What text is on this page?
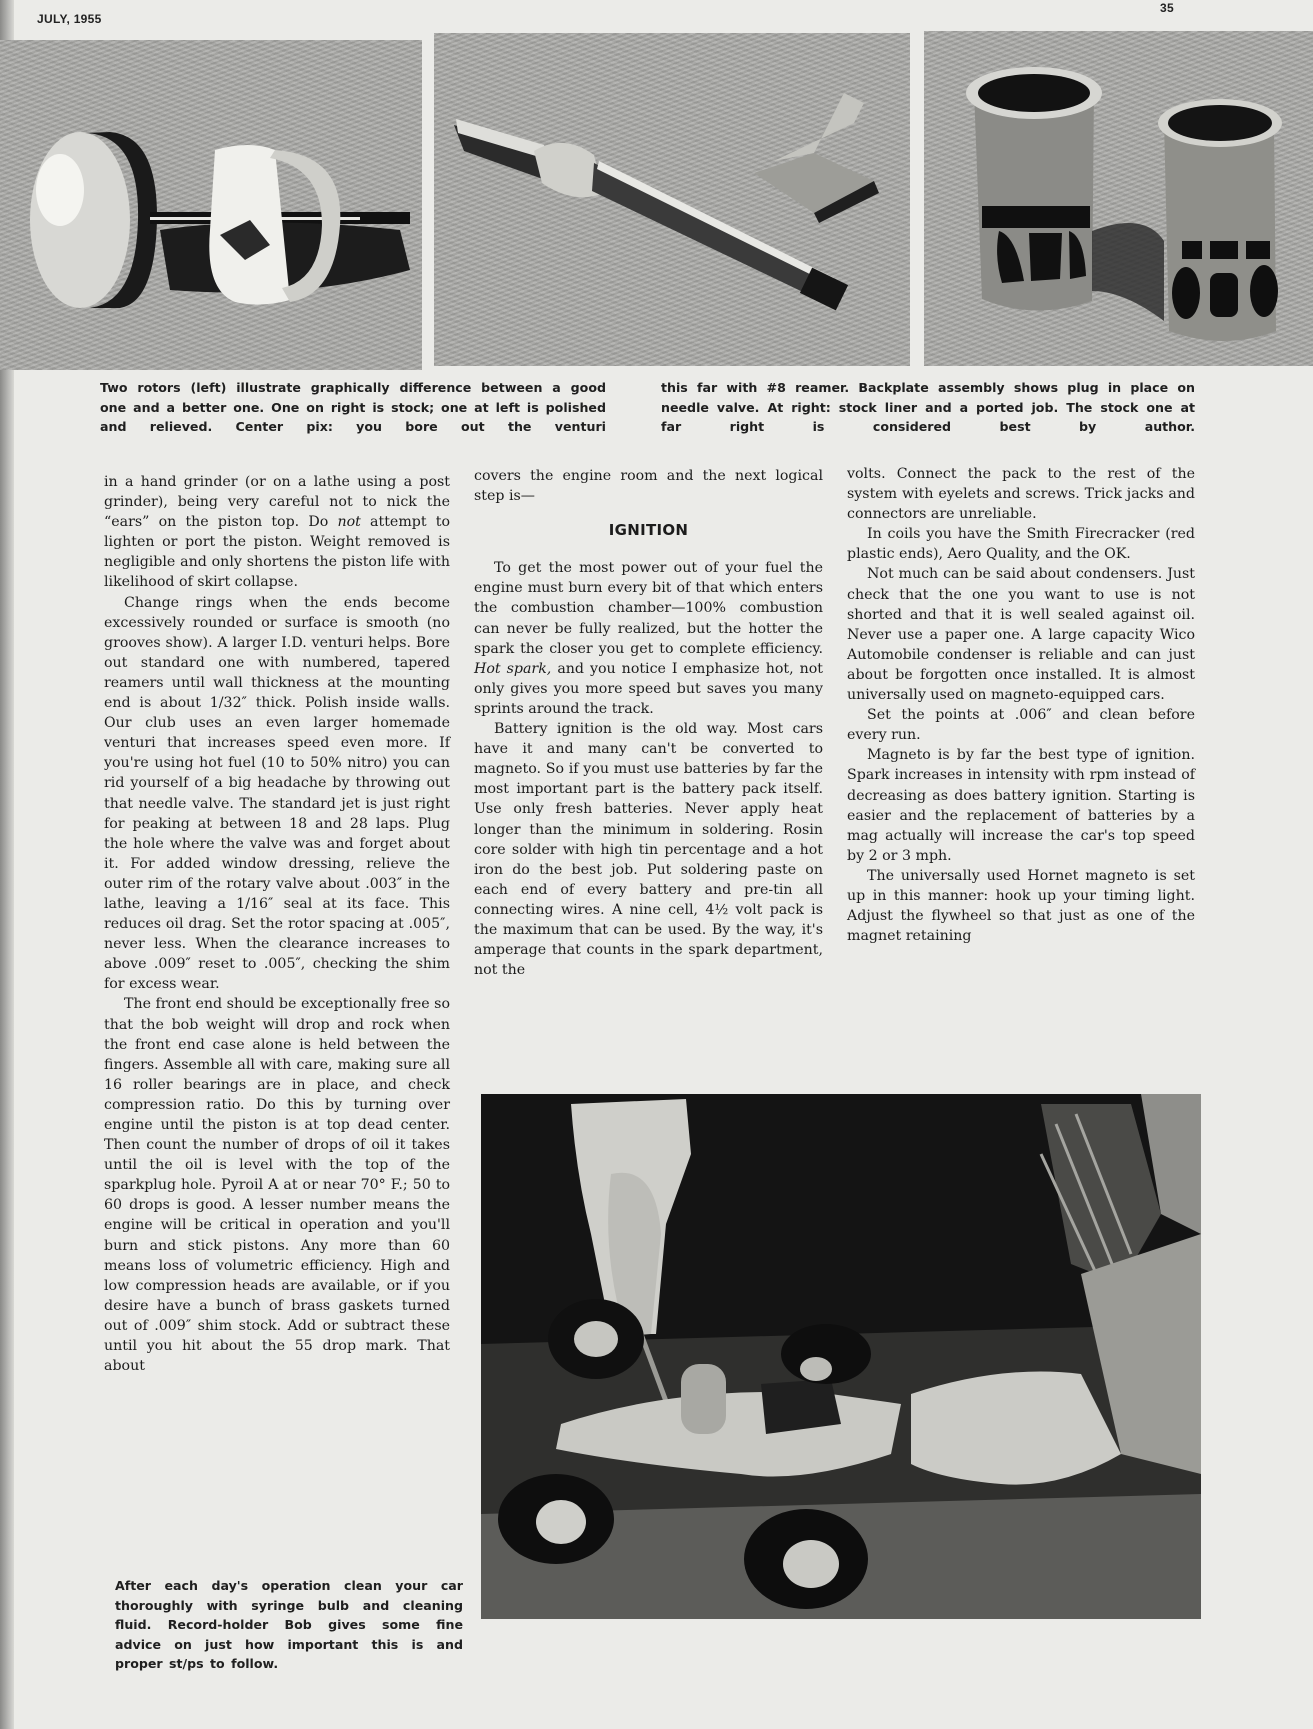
JULY, 1955
35
Two rotors (left) illustrate graphically difference between a good one and a better one. One on right is stock; one at left is polished and relieved. Center pix: you bore out the venturi
this far with #8 reamer. Backplate assembly shows plug in place on needle valve. At right: stock liner and a ported job. The stock one at far right is considered best by author.

in a hand grinder (or on a lathe using a post grinder), being very careful not to nick the “ears” on the piston top. Do not attempt to lighten or port the piston. Weight removed is negligible and only shortens the piston life with likelihood of skirt collapse.

Change rings when the ends become excessively rounded or surface is smooth (no grooves show). A larger I.D. venturi helps. Bore out standard one with numbered, tapered reamers until wall thickness at the mounting end is about 1/32″ thick. Polish inside walls. Our club uses an even larger homemade venturi that increases speed even more. If you're using hot fuel (10 to 50% nitro) you can rid yourself of a big headache by throwing out that needle valve. The standard jet is just right for peaking at between 18 and 28 laps. Plug the hole where the valve was and forget about it. For added window dressing, relieve the outer rim of the rotary valve about .003″ in the lathe, leaving a 1/16″ seal at its face. This reduces oil drag. Set the rotor spacing at .005″, never less. When the clearance increases to above .009″ reset to .005″, checking the shim for excess wear.

The front end should be exceptionally free so that the bob weight will drop and rock when the front end case alone is held between the fingers. Assemble all with care, making sure all 16 roller bearings are in place, and check compression ratio. Do this by turning over engine until the piston is at top dead center. Then count the number of drops of oil it takes until the oil is level with the top of the sparkplug hole. Pyroil A at or near 70° F.; 50 to 60 drops is good. A lesser number means the engine will be critical in operation and you'll burn and stick pistons. Any more than 60 means loss of volumetric efficiency. High and low compression heads are available, or if you desire have a bunch of brass gaskets turned out of .009″ shim stock. Add or subtract these until you hit about the 55 drop mark. That about

covers the engine room and the next logical step is—

IGNITION

To get the most power out of your fuel the engine must burn every bit of that which enters the combustion chamber—100% combustion can never be fully realized, but the hotter the spark the closer you get to complete efficiency. Hot spark, and you notice I emphasize hot, not only gives you more speed but saves you many sprints around the track.

Battery ignition is the old way. Most cars have it and many can't be converted to magneto. So if you must use batteries by far the most important part is the battery pack itself. Use only fresh batteries. Never apply heat longer than the minimum in soldering. Rosin core solder with high tin percentage and a hot iron do the best job. Put soldering paste on each end of every battery and pre-tin all connecting wires. A nine cell, 4½ volt pack is the maximum that can be used. By the way, it's amperage that counts in the spark department, not the

volts. Connect the pack to the rest of the system with eyelets and screws. Trick jacks and connectors are unreliable.

In coils you have the Smith Firecracker (red plastic ends), Aero Quality, and the OK.

Not much can be said about condensers. Just check that the one you want to use is not shorted and that it is well sealed against oil. Never use a paper one. A large capacity Wico Automobile condenser is reliable and can just about be forgotten once installed. It is almost universally used on magneto-equipped cars.

Set the points at .006″ and clean before every run.

Magneto is by far the best type of ignition. Spark increases in intensity with rpm instead of decreasing as does battery ignition. Starting is easier and the replacement of batteries by a mag actually will increase the car's top speed by 2 or 3 mph.

The universally used Hornet magneto is set up in this manner: hook up your timing light. Adjust the flywheel so that just as one of the magnet retaining

After each day's operation clean your car thoroughly with syringe bulb and cleaning fluid. Record-holder Bob gives some fine advice on just how important this is and proper st/ps to follow.
